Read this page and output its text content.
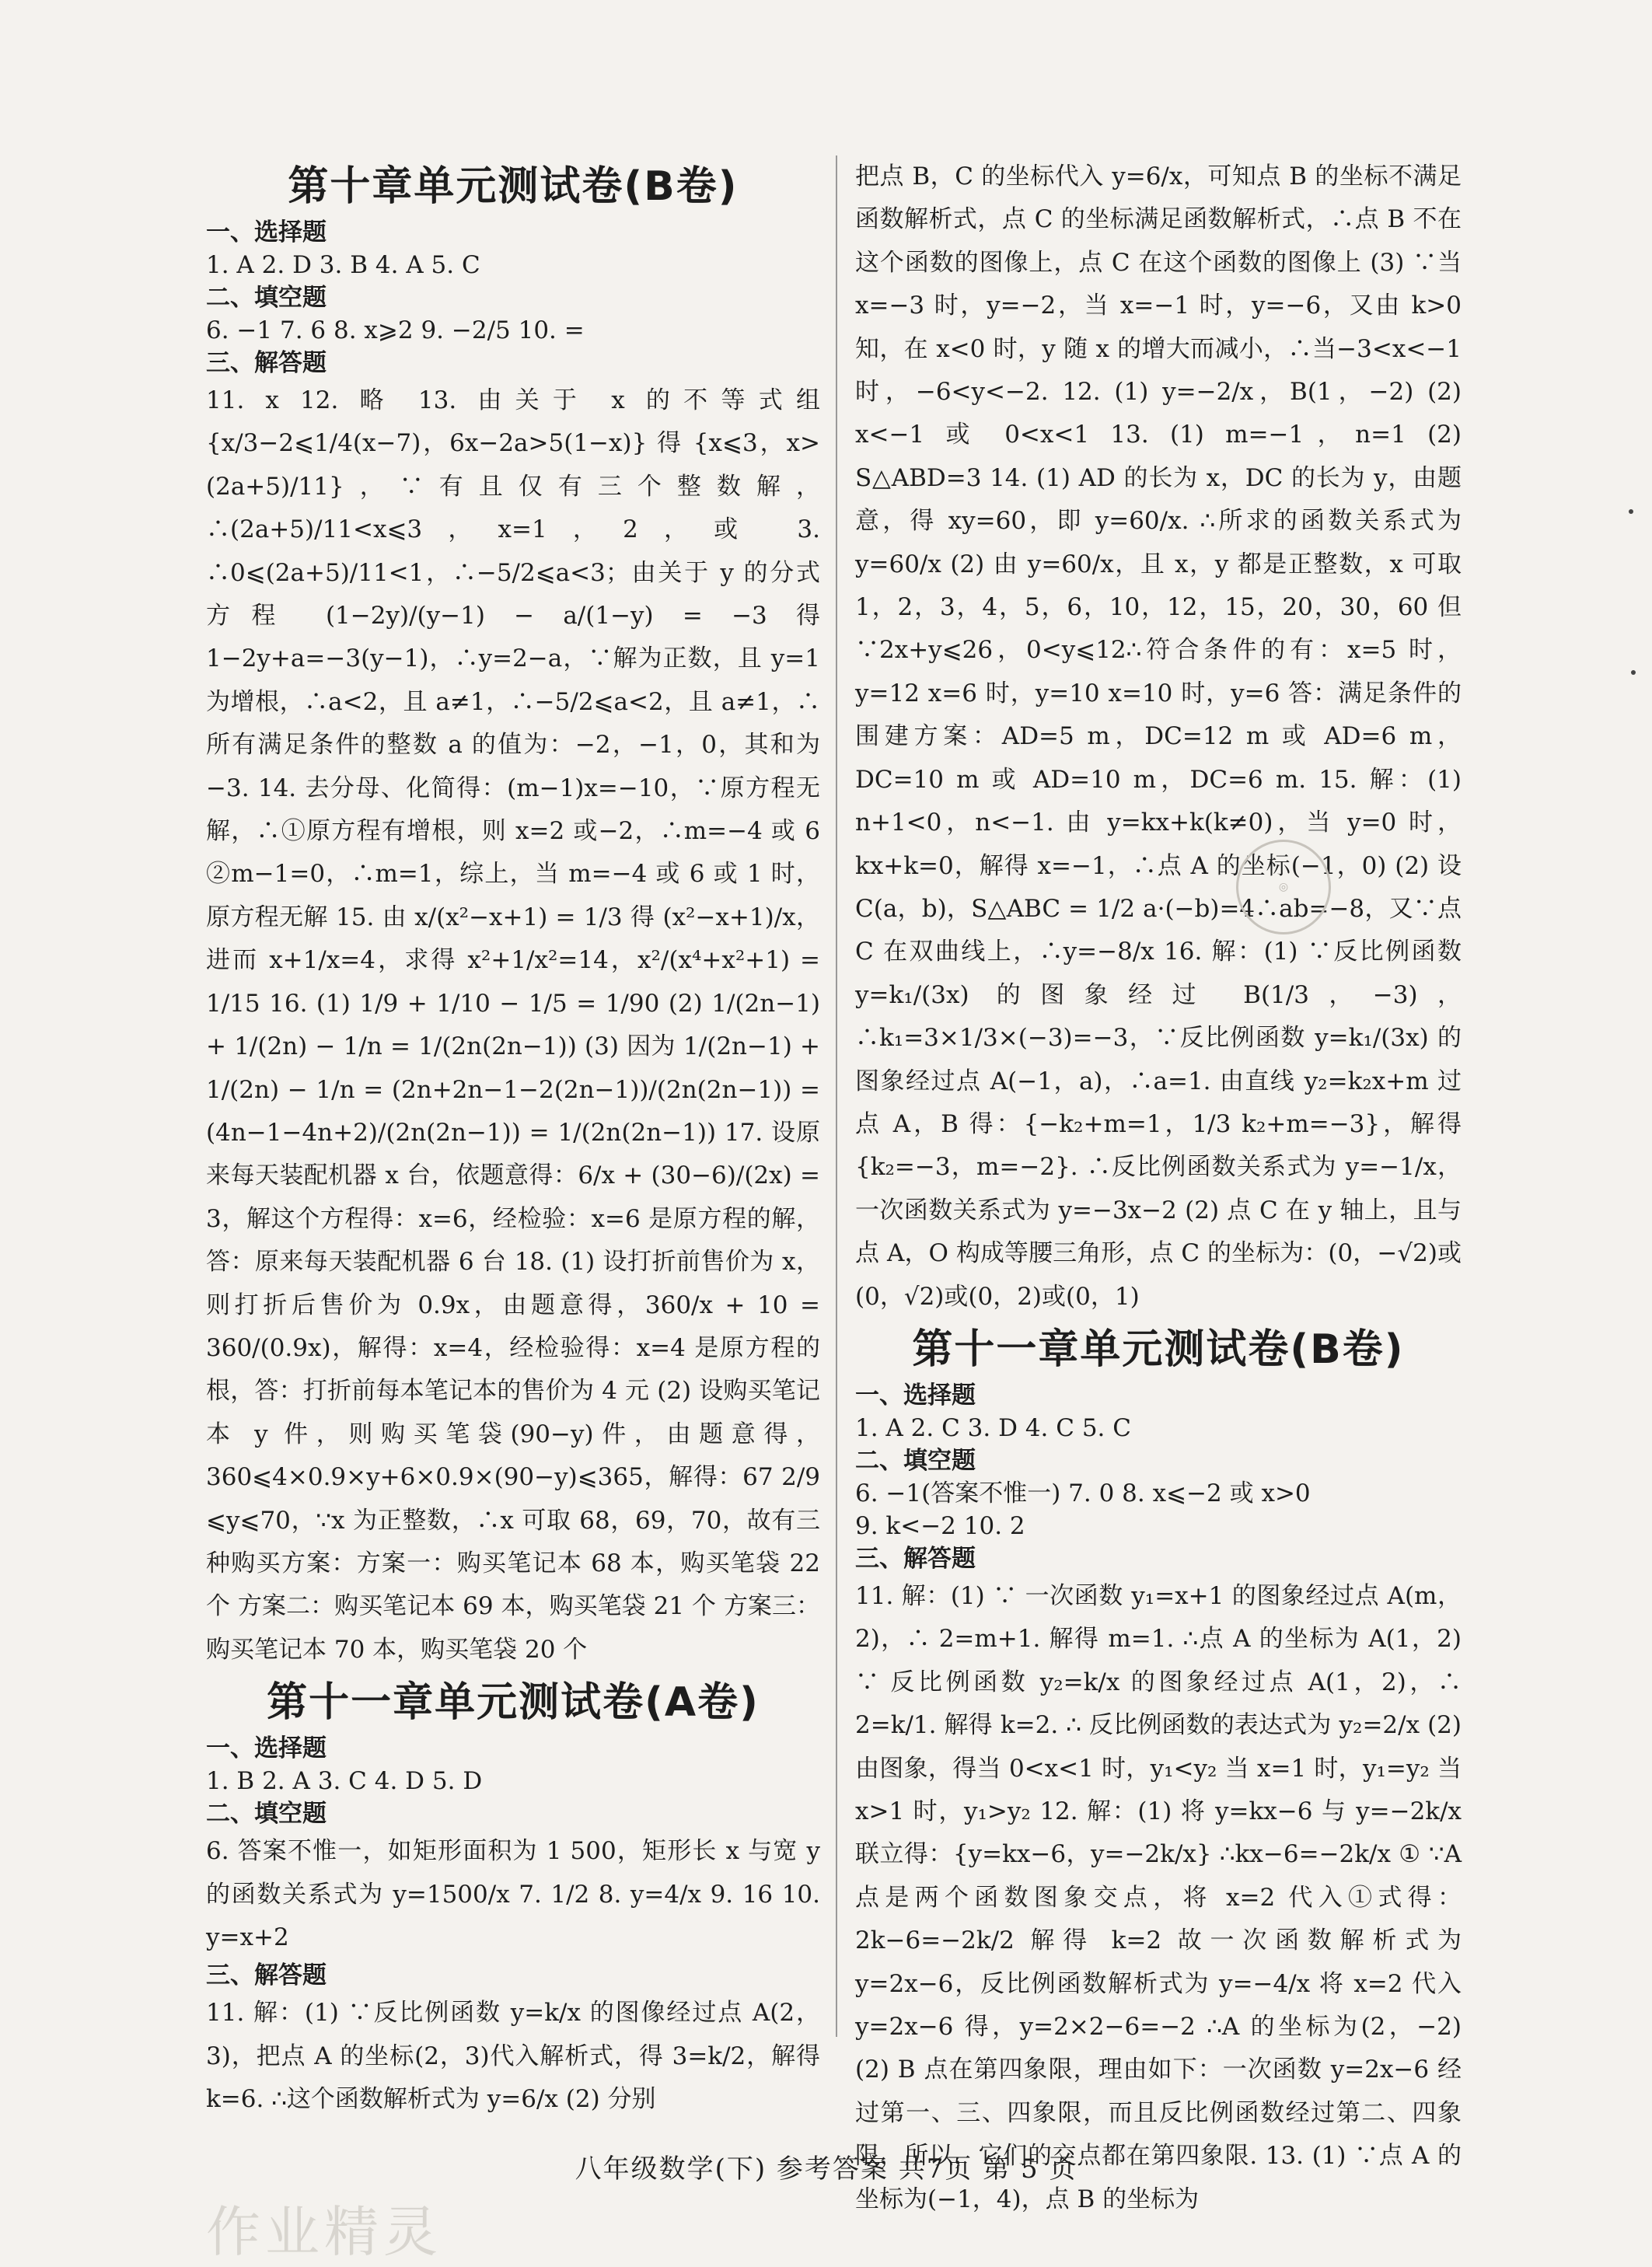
第十章单元测试卷(B卷)
一、选择题
1. A 2. D 3. B 4. A 5. C
二、填空题
6. −1 7. 6 8. x⩾2 9. −2/5 10. =
三、解答题

11. x 12. 略 13. 由关于 x 的不等式组 {x/3−2⩽1/4(x−7)，6x−2a>5(1−x)} 得 {x⩽3，x>(2a+5)/11}，∵有且仅有三个整数解，∴(2a+5)/11<x⩽3，x=1，2，或 3. ∴0⩽(2a+5)/11<1，∴−5/2⩽a<3；由关于 y 的分式方程 (1−2y)/(y−1) − a/(1−y) = −3 得 1−2y+a=−3(y−1)，∴y=2−a，∵解为正数，且 y=1 为增根，∴a<2，且 a≠1，∴−5/2⩽a<2，且 a≠1，∴所有满足条件的整数 a 的值为：−2，−1，0，其和为−3. 14. 去分母、化简得：(m−1)x=−10，∵原方程无解，∴①原方程有增根，则 x=2 或−2，∴m=−4 或 6 ②m−1=0，∴m=1，综上，当 m=−4 或 6 或 1 时，原方程无解 15. 由 x/(x²−x+1) = 1/3 得 (x²−x+1)/x，进而 x+1/x=4，求得 x²+1/x²=14，x²/(x⁴+x²+1) = 1/15 16. (1) 1/9 + 1/10 − 1/5 = 1/90 (2) 1/(2n−1) + 1/(2n) − 1/n = 1/(2n(2n−1)) (3) 因为 1/(2n−1) + 1/(2n) − 1/n = (2n+2n−1−2(2n−1))/(2n(2n−1)) = (4n−1−4n+2)/(2n(2n−1)) = 1/(2n(2n−1)) 17. 设原来每天装配机器 x 台，依题意得：6/x + (30−6)/(2x) = 3，解这个方程得：x=6，经检验：x=6 是原方程的解，答：原来每天装配机器 6 台 18. (1) 设打折前售价为 x，则打折后售价为 0.9x，由题意得，360/x + 10 = 360/(0.9x)，解得：x=4，经检验得：x=4 是原方程的根，答：打折前每本笔记本的售价为 4 元 (2) 设购买笔记本 y 件，则购买笔袋(90−y)件，由题意得，360⩽4×0.9×y+6×0.9×(90−y)⩽365，解得：67 2/9 ⩽y⩽70，∵x 为正整数，∴x 可取 68，69，70，故有三种购买方案：方案一：购买笔记本 68 本，购买笔袋 22 个 方案二：购买笔记本 69 本，购买笔袋 21 个 方案三：购买笔记本 70 本，购买笔袋 20 个

第十一章单元测试卷(A卷)
一、选择题
1. B 2. A 3. C 4. D 5. D
二、填空题

6. 答案不惟一，如矩形面积为 1 500，矩形长 x 与宽 y 的函数关系式为 y=1500/x 7. 1/2 8. y=4/x 9. 16 10. y=x+2

三、解答题

11. 解：(1) ∵反比例函数 y=k/x 的图像经过点 A(2，3)，把点 A 的坐标(2，3)代入解析式，得 3=k/2，解得 k=6. ∴这个函数解析式为 y=6/x (2) 分别

把点 B，C 的坐标代入 y=6/x，可知点 B 的坐标不满足函数解析式，点 C 的坐标满足函数解析式，∴点 B 不在这个函数的图像上，点 C 在这个函数的图像上 (3) ∵当 x=−3 时，y=−2，当 x=−1 时，y=−6，又由 k>0 知，在 x<0 时，y 随 x 的增大而减小，∴当−3<x<−1 时，−6<y<−2. 12. (1) y=−2/x，B(1，−2) (2) x<−1 或 0<x<1 13. (1) m=−1，n=1 (2) S△ABD=3 14. (1) AD 的长为 x，DC 的长为 y，由题意，得 xy=60，即 y=60/x. ∴所求的函数关系式为 y=60/x (2) 由 y=60/x，且 x，y 都是正整数，x 可取 1，2，3，4，5，6，10，12，15，20，30，60 但∵2x+y⩽26，0<y⩽12∴符合条件的有：x=5 时，y=12 x=6 时，y=10 x=10 时，y=6 答：满足条件的围建方案：AD=5 m，DC=12 m 或 AD=6 m，DC=10 m 或 AD=10 m，DC=6 m. 15. 解：(1) n+1<0，n<−1. 由 y=kx+k(k≠0)，当 y=0 时，kx+k=0，解得 x=−1，∴点 A 的坐标(−1，0) (2) 设 C(a，b)，S△ABC = 1/2 a·(−b)=4∴ab=−8，又∵点 C 在双曲线上，∴y=−8/x 16. 解：(1) ∵反比例函数 y=k₁/(3x) 的图象经过 B(1/3，−3)，∴k₁=3×1/3×(−3)=−3，∵反比例函数 y=k₁/(3x) 的图象经过点 A(−1，a)，∴a=1. 由直线 y₂=k₂x+m 过点 A，B 得：{−k₂+m=1，1/3 k₂+m=−3}，解得 {k₂=−3，m=−2}. ∴反比例函数关系式为 y=−1/x，一次函数关系式为 y=−3x−2 (2) 点 C 在 y 轴上，且与点 A，O 构成等腰三角形，点 C 的坐标为：(0，−√2)或(0，√2)或(0，2)或(0，1)

第十一章单元测试卷(B卷)
一、选择题
1. A 2. C 3. D 4. C 5. C
二、填空题
6. −1(答案不惟一) 7. 0 8. x⩽−2 或 x>0
9. k<−2 10. 2
三、解答题

11. 解：(1) ∵ 一次函数 y₁=x+1 的图象经过点 A(m，2)，∴ 2=m+1. 解得 m=1. ∴点 A 的坐标为 A(1，2) ∵ 反比例函数 y₂=k/x 的图象经过点 A(1，2)，∴ 2=k/1. 解得 k=2. ∴ 反比例函数的表达式为 y₂=2/x (2) 由图象，得当 0<x<1 时，y₁<y₂ 当 x=1 时，y₁=y₂ 当 x>1 时，y₁>y₂ 12. 解：(1) 将 y=kx−6 与 y=−2k/x 联立得：{y=kx−6，y=−2k/x} ∴kx−6=−2k/x ① ∵A 点是两个函数图象交点，将 x=2 代入①式得：2k−6=−2k/2 解得 k=2 故一次函数解析式为 y=2x−6，反比例函数解析式为 y=−4/x 将 x=2 代入 y=2x−6 得，y=2×2−6=−2 ∴A 的坐标为(2，−2) (2) B 点在第四象限，理由如下：一次函数 y=2x−6 经过第一、三、四象限，而且反比例函数经过第二、四象限，所以，它们的交点都在第四象限. 13. (1) ∵点 A 的坐标为(−1，4)，点 B 的坐标为

◎
八年级数学(下) 参考答案 共7页 第 5 页
作业精灵
